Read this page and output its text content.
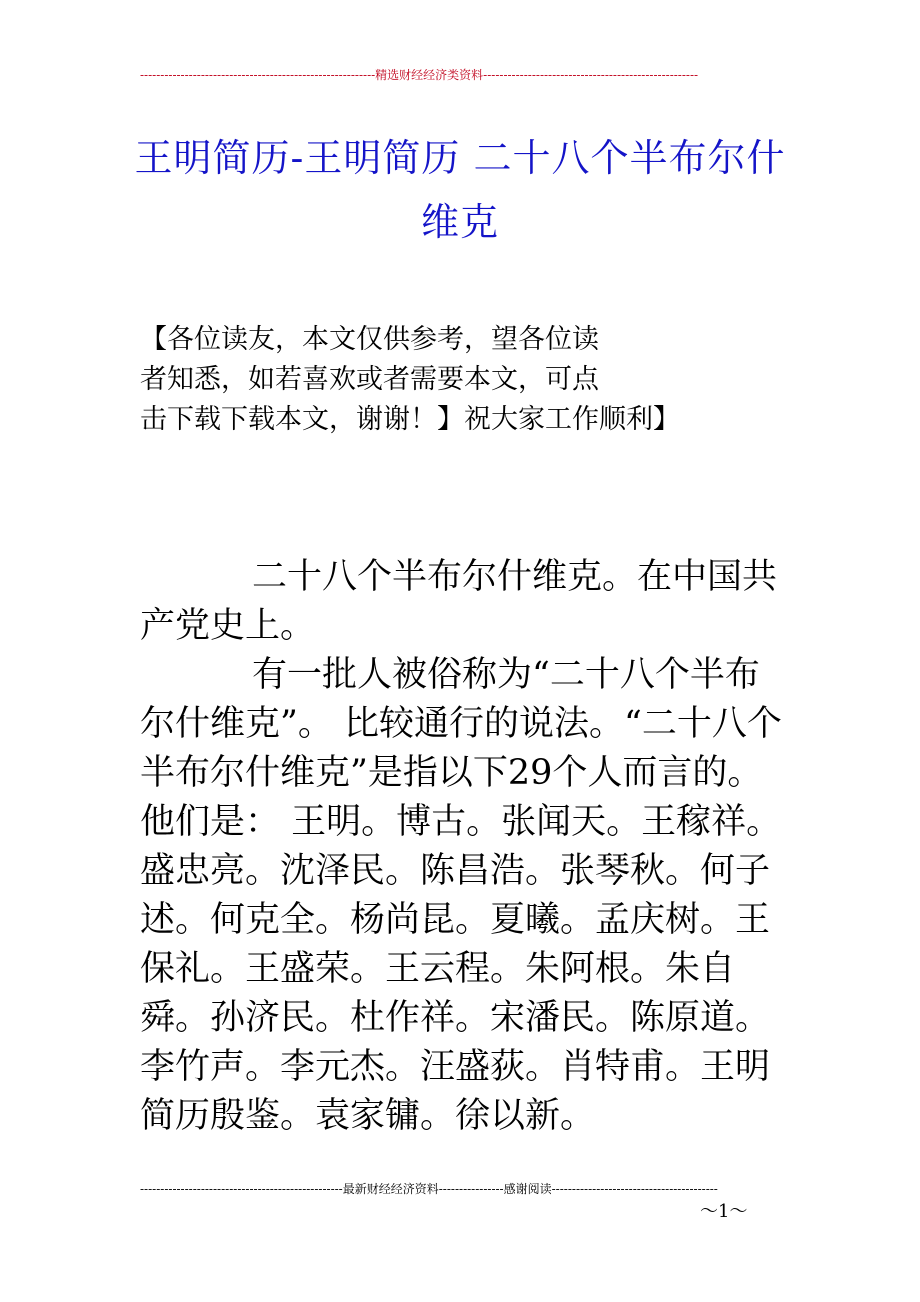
----------------------------------------------------------精选财经经济类资料-----------------------------------------------------
王明简历-王明简历 二十八个半布尔什维克
【各位读友，本文仅供参考，望各位读
者知悉，如若喜欢或者需要本文，可点
击下载下载本文，谢谢！】祝大家工作顺利】

二十八个半布尔什维克。在中国共产党史上。

有一批人被俗称为“二十八个半布尔什维克”。 比较通行的说法。“二十八个半布尔什维克”是指以下29个人而言的。他们是： 王明。博古。张闻天。王稼祥。盛忠亮。沈泽民。陈昌浩。张琴秋。何子述。何克全。杨尚昆。夏曦。孟庆树。王保礼。王盛荣。王云程。朱阿根。朱自舜。孙济民。杜作祥。宋潘民。陈原道。李竹声。李元杰。汪盛荻。肖特甫。王明简历殷鉴。袁家镛。徐以新。

--------------------------------------------------最新财经经济资料----------------感谢阅读-----------------------------------------
～1～
